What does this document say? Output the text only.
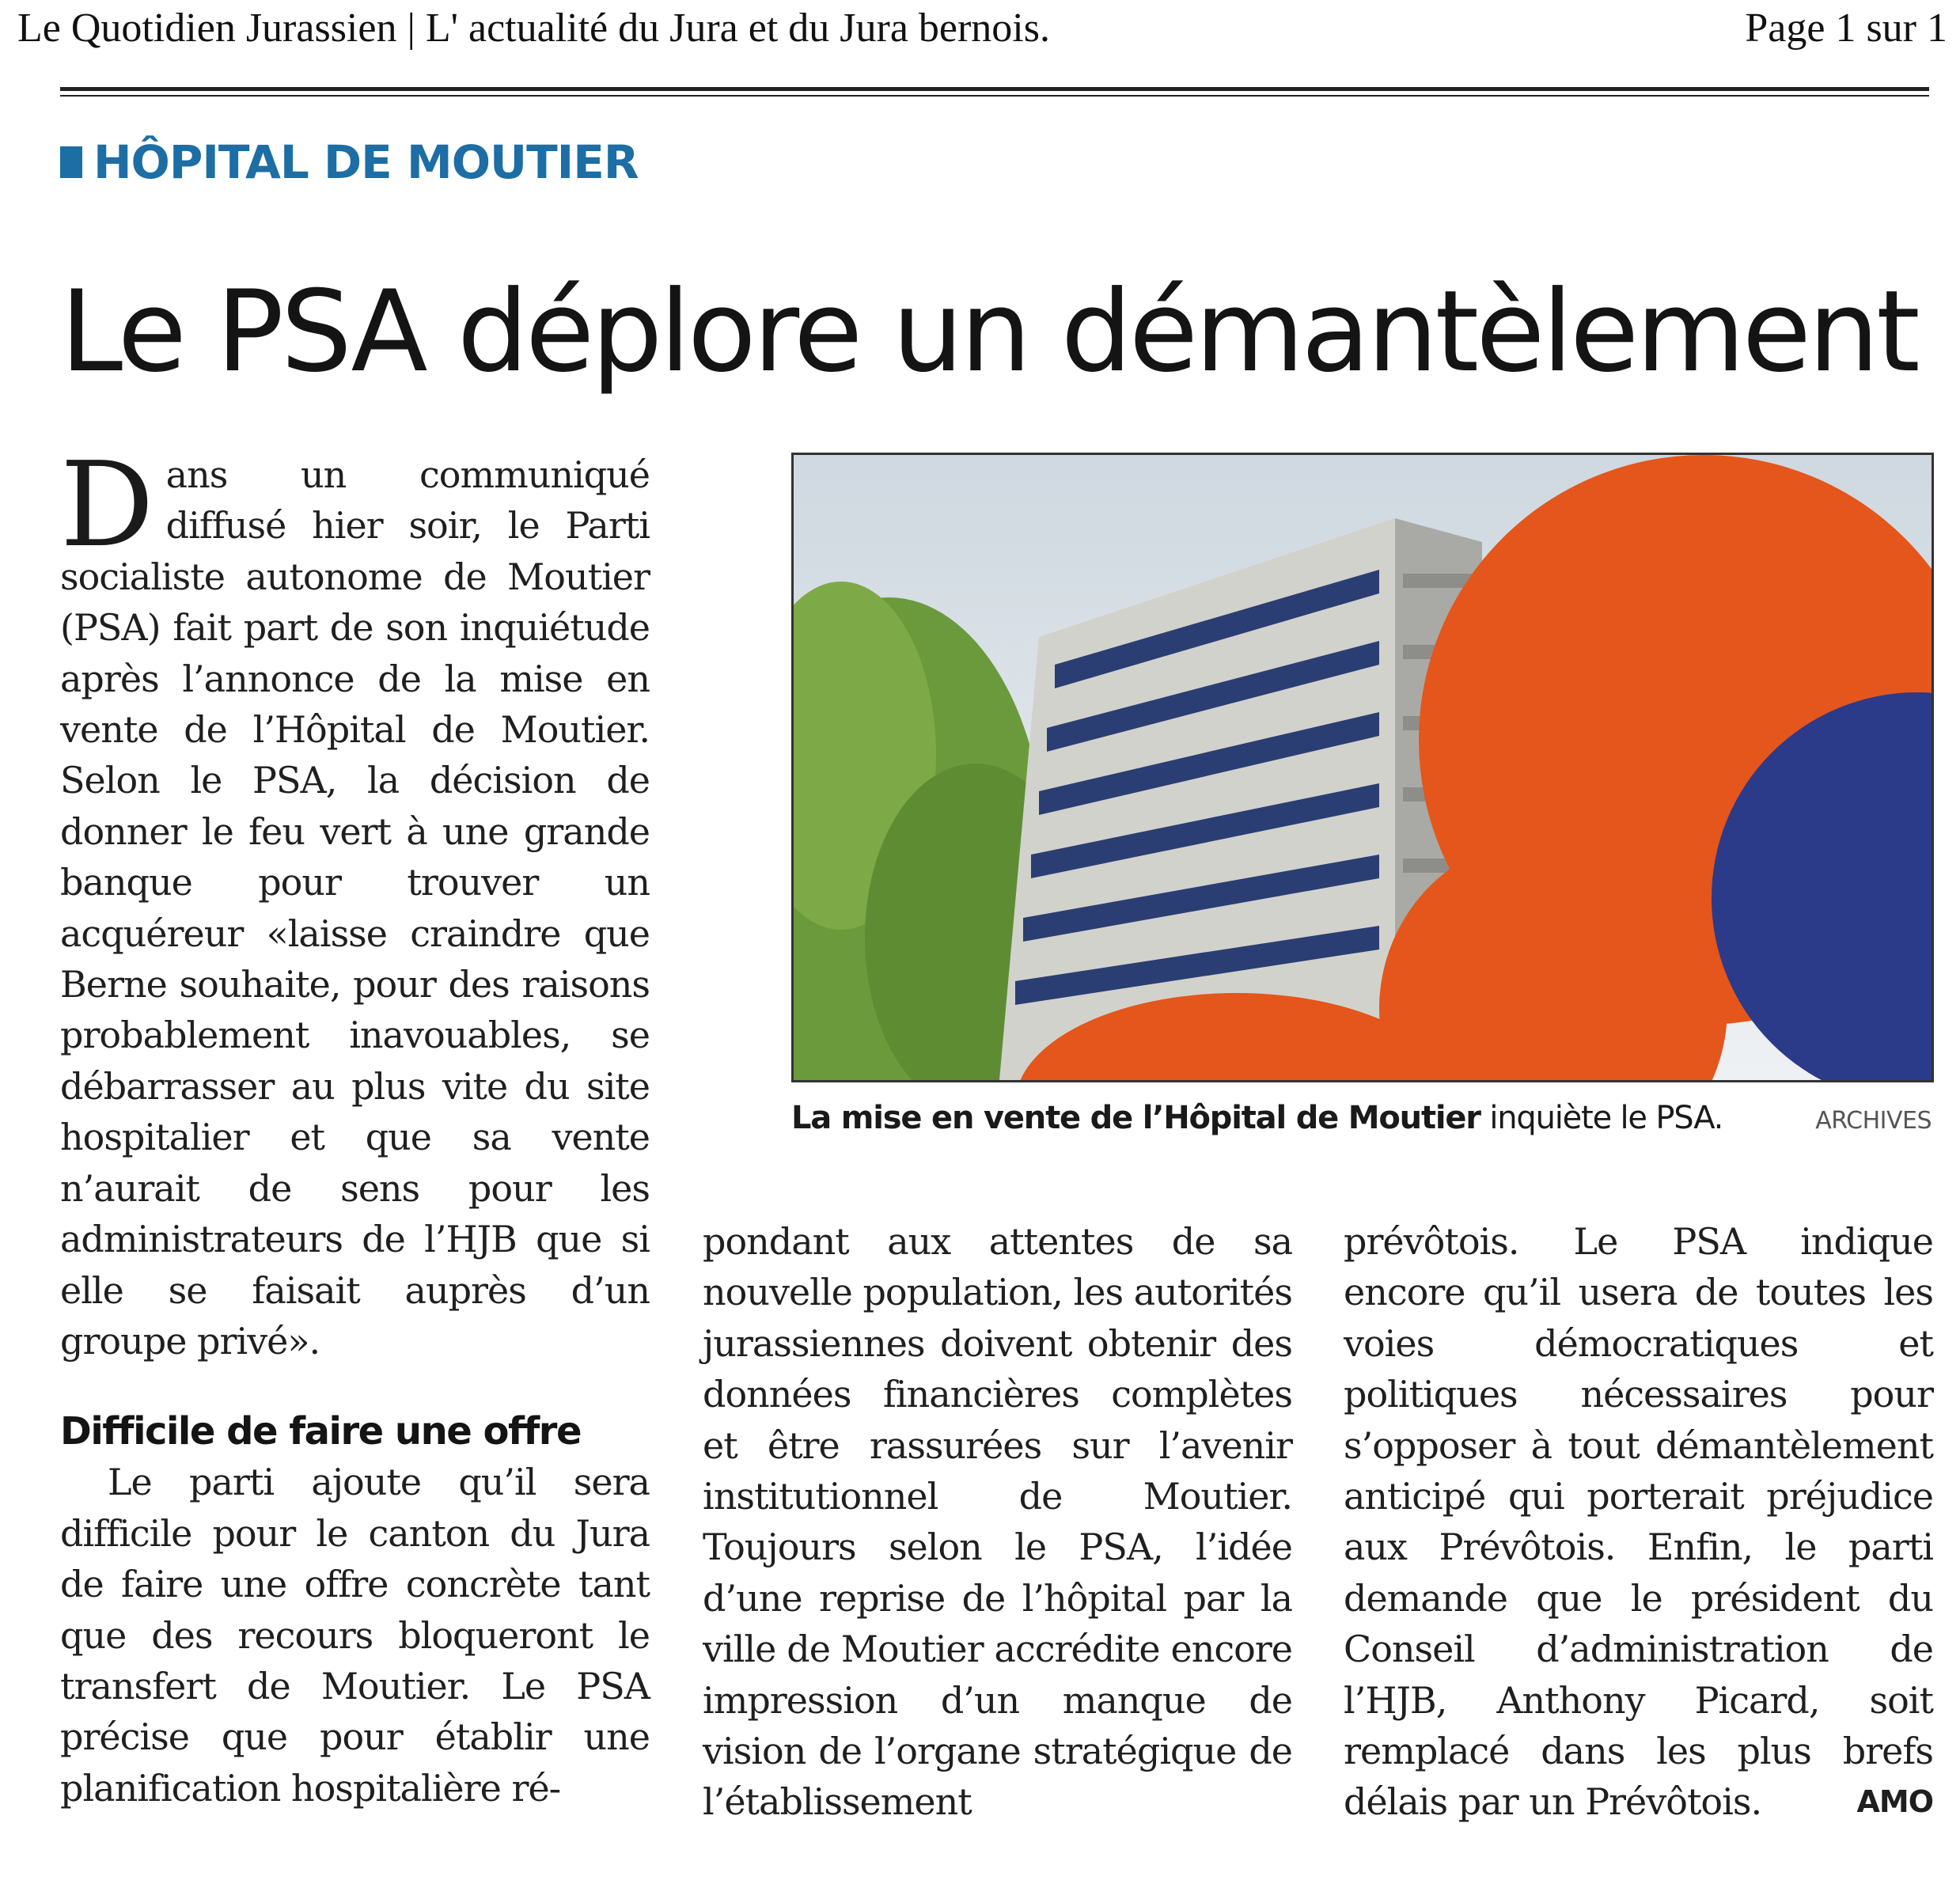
Le Quotidien Jurassien | L' actualité du Jura et du Jura bernois.	Page 1 sur 1
HÔPITAL DE MOUTIER
Le PSA déplore un démantèlement

Dans un communiqué diffusé hier soir, le Parti socialiste autonome de Moutier (PSA) fait part de son inquiétude après l’annonce de la mise en vente de l’Hôpital de Moutier. Selon le PSA, la décision de donner le feu vert à une grande banque pour trouver un acquéreur «laisse craindre que Berne souhaite, pour des raisons probablement inavouables, se débarrasser au plus vite du site hospitalier et que sa vente n’aurait de sens pour les administrateurs de l’HJB que si elle se faisait auprès d’un groupe privé».

Difficile de faire une offre

Le parti ajoute qu’il sera difficile pour le canton du Jura de faire une offre concrète tant que des recours bloqueront le transfert de Moutier. Le PSA précise que pour établir une planification hospitalière ré-

La mise en vente de l’Hôpital de Moutier inquiète le PSA.	ARCHIVES

pondant aux attentes de sa nouvelle population, les autorités jurassiennes doivent obtenir des données financières complètes et être rassurées sur l’avenir institutionnel de Moutier. Toujours selon le PSA, l’idée d’une reprise de l’hôpital par la ville de Moutier accrédite encore impression d’un manque de vision de l’organe stratégique de l’établissement

prévôtois. Le PSA indique encore qu’il usera de toutes les voies démocratiques et politiques nécessaires pour s’opposer à tout démantèlement anticipé qui porterait préjudice aux Prévôtois. Enfin, le parti demande que le président du Conseil d’administration de l’HJB, Anthony Picard, soit remplacé dans les plus brefs délais par un Prévôtois.	AMO
